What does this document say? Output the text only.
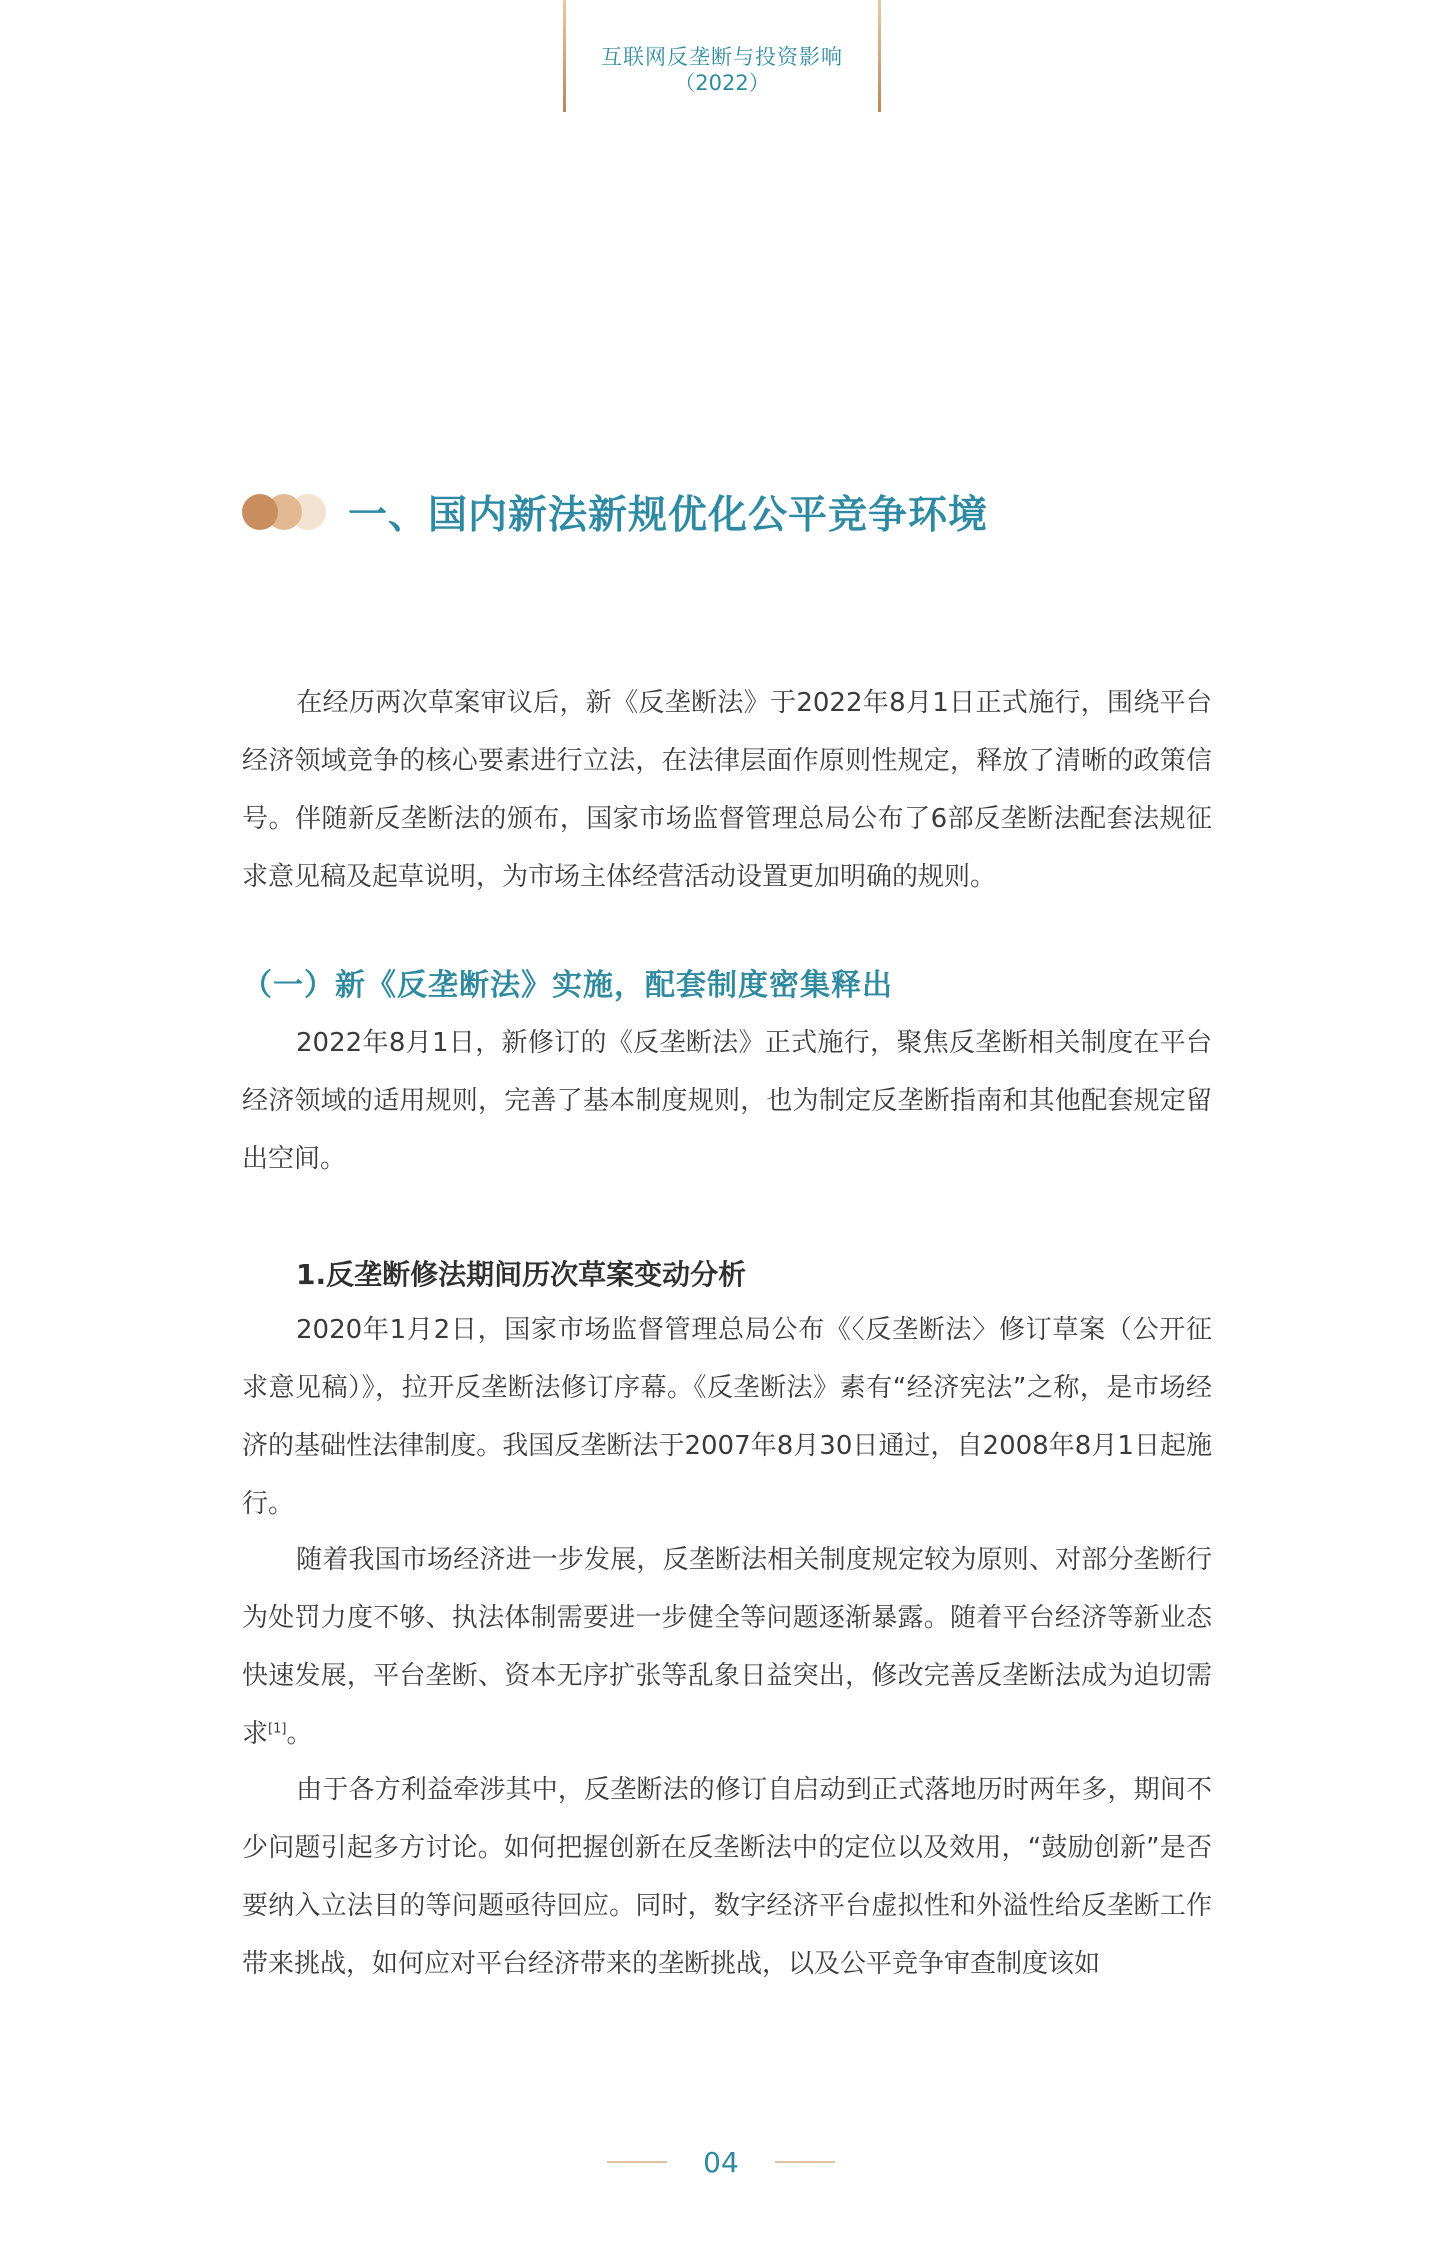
互联网反垄断与投资影响
（2022）
一、国内新法新规优化公平竞争环境
在经历两次草案审议后，新《反垄断法》于2022年8月1日正式施行，围绕平台经济领域竞争的核心要素进行立法，在法律层面作原则性规定，释放了清晰的政策信号。伴随新反垄断法的颁布，国家市场监督管理总局公布了6部反垄断法配套法规征求意见稿及起草说明，为市场主体经营活动设置更加明确的规则。
（一）新《反垄断法》实施，配套制度密集释出
2022年8月1日，新修订的《反垄断法》正式施行，聚焦反垄断相关制度在平台经济领域的适用规则，完善了基本制度规则，也为制定反垄断指南和其他配套规定留出空间。
1.反垄断修法期间历次草案变动分析
2020年1月2日，国家市场监督管理总局公布《〈反垄断法〉修订草案（公开征求意见稿）》，拉开反垄断法修订序幕。《反垄断法》素有“经济宪法”之称，是市场经济的基础性法律制度。我国反垄断法于2007年8月30日通过，自2008年8月1日起施行。
随着我国市场经济进一步发展，反垄断法相关制度规定较为原则、对部分垄断行为处罚力度不够、执法体制需要进一步健全等问题逐渐暴露。随着平台经济等新业态快速发展，平台垄断、资本无序扩张等乱象日益突出，修改完善反垄断法成为迫切需求[1]。
由于各方利益牵涉其中，反垄断法的修订自启动到正式落地历时两年多，期间不少问题引起多方讨论。如何把握创新在反垄断法中的定位以及效用，“鼓励创新”是否要纳入立法目的等问题亟待回应。同时，数字经济平台虚拟性和外溢性给反垄断工作带来挑战，如何应对平台经济带来的垄断挑战，以及公平竞争审查制度该如
04
